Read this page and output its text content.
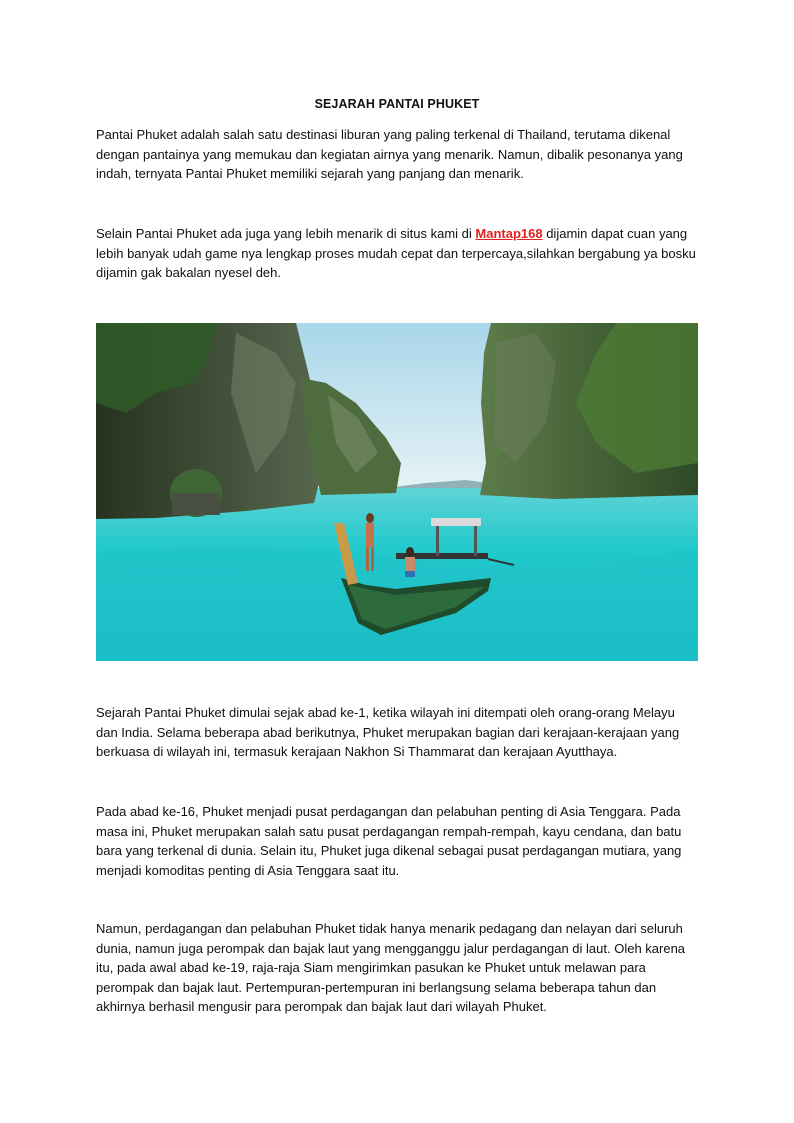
SEJARAH PANTAI PHUKET

Pantai Phuket adalah salah satu destinasi liburan yang paling terkenal di Thailand, terutama dikenal dengan pantainya yang memukau dan kegiatan airnya yang menarik. Namun, dibalik pesonanya yang indah, ternyata Pantai Phuket memiliki sejarah yang panjang dan menarik.

Selain Pantai Phuket ada juga yang lebih menarik di situs kami di Mantap168 dijamin dapat cuan yang lebih banyak udah game nya lengkap proses mudah cepat dan terpercaya,silahkan bergabung ya bosku dijamin gak bakalan nyesel deh.

Sejarah Pantai Phuket dimulai sejak abad ke-1, ketika wilayah ini ditempati oleh orang-orang Melayu dan India. Selama beberapa abad berikutnya, Phuket merupakan bagian dari kerajaan-kerajaan yang berkuasa di wilayah ini, termasuk kerajaan Nakhon Si Thammarat dan kerajaan Ayutthaya.

Pada abad ke-16, Phuket menjadi pusat perdagangan dan pelabuhan penting di Asia Tenggara. Pada masa ini, Phuket merupakan salah satu pusat perdagangan rempah-rempah, kayu cendana, dan batu bara yang terkenal di dunia. Selain itu, Phuket juga dikenal sebagai pusat perdagangan mutiara, yang menjadi komoditas penting di Asia Tenggara saat itu.

Namun, perdagangan dan pelabuhan Phuket tidak hanya menarik pedagang dan nelayan dari seluruh dunia, namun juga perompak dan bajak laut yang mengganggu jalur perdagangan di laut. Oleh karena itu, pada awal abad ke-19, raja-raja Siam mengirimkan pasukan ke Phuket untuk melawan para perompak dan bajak laut. Pertempuran-pertempuran ini berlangsung selama beberapa tahun dan akhirnya berhasil mengusir para perompak dan bajak laut dari wilayah Phuket.
